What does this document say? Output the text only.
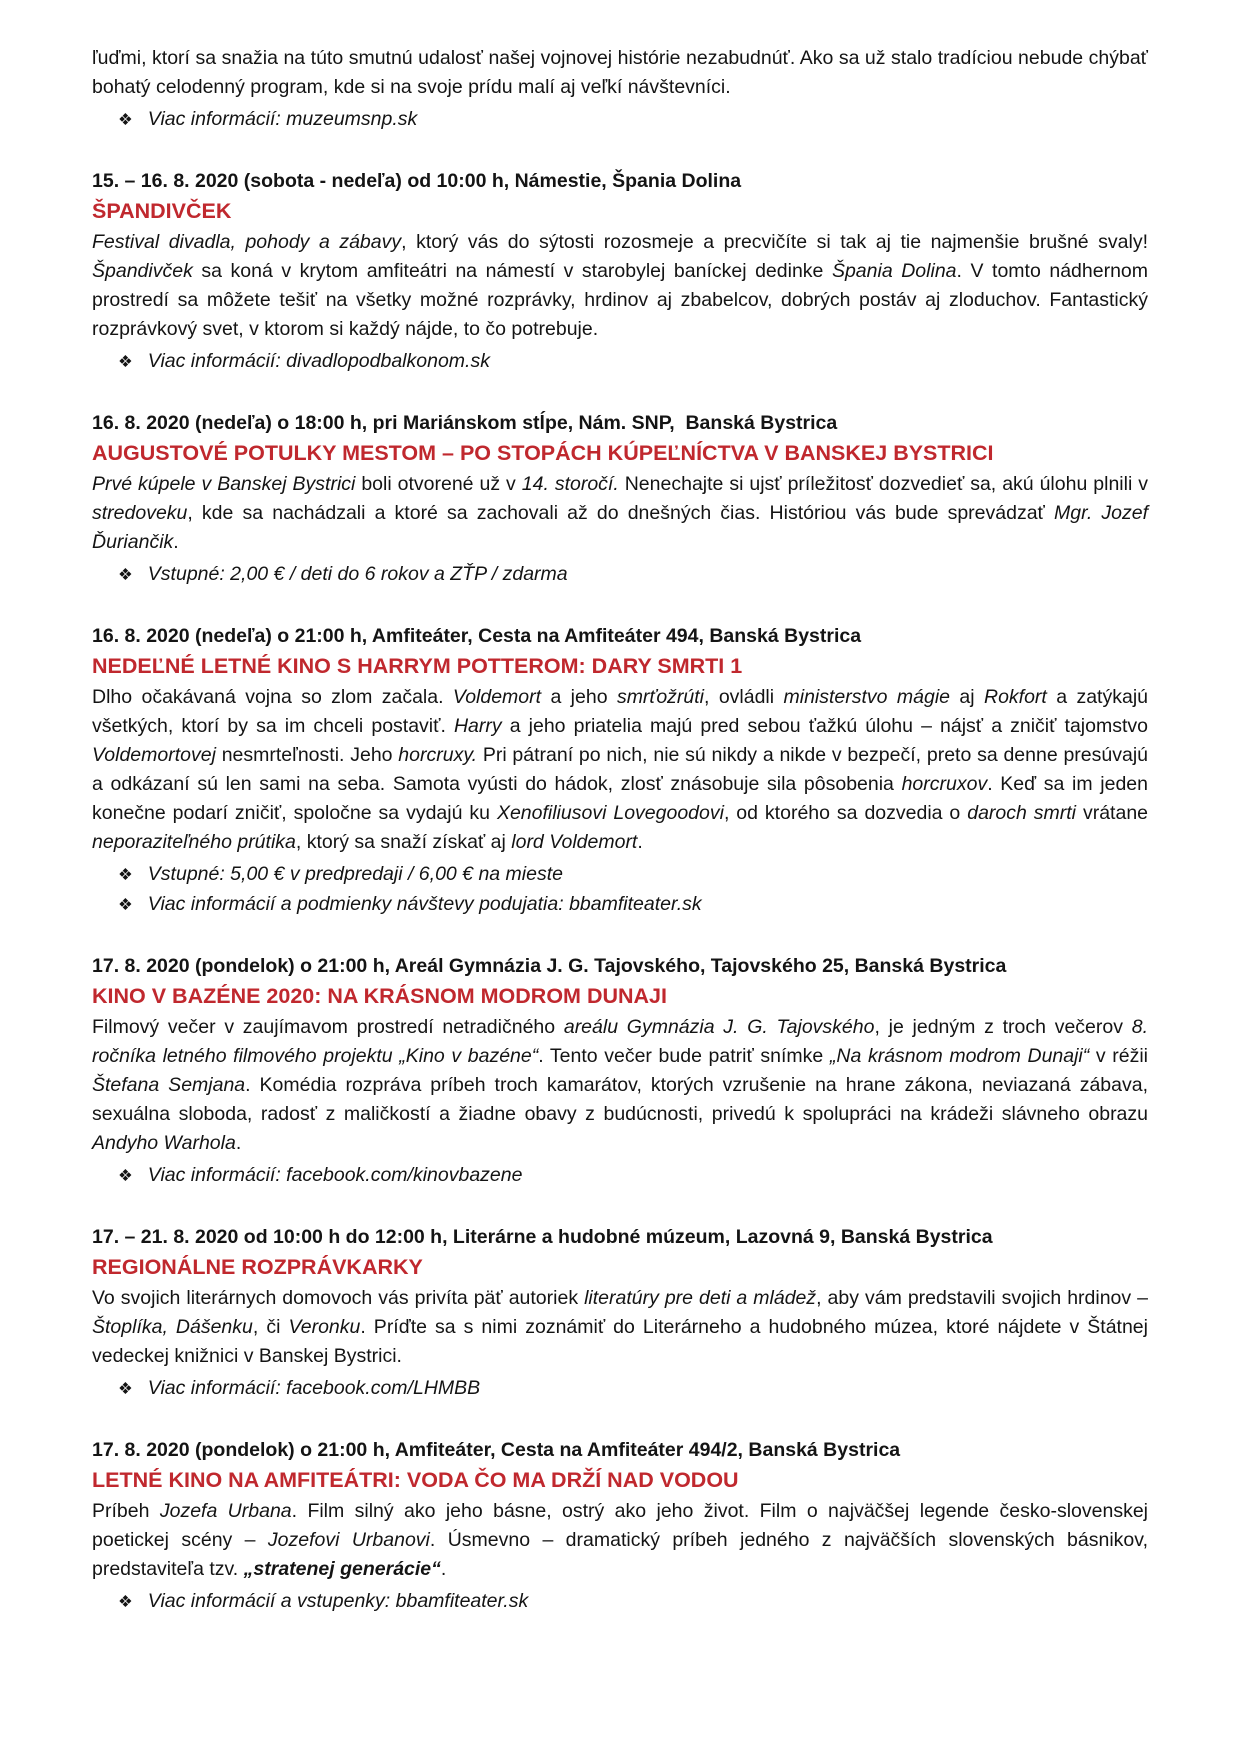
ľuďmi, ktorí sa snažia na túto smutnú udalosť našej vojnovej histórie nezabudnúť. Ako sa už stalo tradíciou nebude chýbať bohatý celodenný program, kde si na svoje prídu malí aj veľkí návštevníci.

❖ Viac informácií: muzeumsnp.sk
15. – 16. 8. 2020 (sobota - nedeľa) od 10:00 h, Námestie, Špania Dolina
ŠPANDIVČEK

Festival divadla, pohody a zábavy, ktorý vás do sýtosti rozosmeje a precvičíte si tak aj tie najmenšie brušné svaly! Špandivček sa koná v krytom amfiteátri na námestí v starobylej baníckej dedinke Špania Dolina. V tomto nádhernom prostredí sa môžete tešiť na všetky možné rozprávky, hrdinov aj zbabelcov, dobrých postáv aj zloduchov. Fantastický rozprávkový svet, v ktorom si každý nájde, to čo potrebuje.

❖ Viac informácií: divadlopodbalkonom.sk
16. 8. 2020 (nedeľa) o 18:00 h, pri Mariánskom stĺpe, Nám. SNP,  Banská Bystrica
AUGUSTOVÉ POTULKY MESTOM – PO STOPÁCH KÚPEĽNÍCTVA V BANSKEJ BYSTRICI

Prvé kúpele v Banskej Bystrici boli otvorené už v 14. storočí. Nenechajte si ujsť príležitosť dozvedieť sa, akú úlohu plnili v stredoveku, kde sa nachádzali a ktoré sa zachovali až do dnešných čias. Históriou vás bude sprevádzať Mgr. Jozef Ďuriančik.

❖ Vstupné: 2,00 € / deti do 6 rokov a ZŤP / zdarma
16. 8. 2020 (nedeľa) o 21:00 h, Amfiteáter, Cesta na Amfiteáter 494, Banská Bystrica
NEDEĽNÉ LETNÉ KINO S HARRYM POTTEROM: DARY SMRTI 1

Dlho očakávaná vojna so zlom začala. Voldemort a jeho smrťožrúti, ovládli ministerstvo mágie aj Rokfort a zatýkajú všetkých, ktorí by sa im chceli postaviť. Harry a jeho priatelia majú pred sebou ťažkú úlohu – nájsť a zničiť tajomstvo Voldemortovej nesmrteľnosti. Jeho horcruxy. Pri pátraní po nich, nie sú nikdy a nikde v bezpečí, preto sa denne presúvajú a odkázaní sú len sami na seba. Samota vyústi do hádok, zlosť znásobuje sila pôsobenia horcruxov. Keď sa im jeden konečne podarí zničiť, spoločne sa vydajú ku Xenofiliusovi Lovegoodovi, od ktorého sa dozvedia o daroch smrti vrátane neporaziteľného prútika, ktorý sa snaží získať aj lord Voldemort.

❖ Vstupné: 5,00 € v predpredaji / 6,00 € na mieste
❖ Viac informácií a podmienky návštevy podujatia: bbamfiteater.sk
17. 8. 2020 (pondelok) o 21:00 h, Areál Gymnázia J. G. Tajovského, Tajovského 25, Banská Bystrica
KINO V BAZÉNE 2020: NA KRÁSNOM MODROM DUNAJI

Filmový večer v zaujímavom prostredí netradičného areálu Gymnázia J. G. Tajovského, je jedným z troch večerov 8. ročníka letného filmového projektu „Kino v bazéne“. Tento večer bude patriť snímke „Na krásnom modrom Dunaji“ v réžii Štefana Semjana. Komédia rozpráva príbeh troch kamarátov, ktorých vzrušenie na hrane zákona, neviazaná zábava, sexuálna sloboda, radosť z maličkostí a žiadne obavy z budúcnosti, privedú k spolupráci na krádeži slávneho obrazu Andyho Warhola.

❖ Viac informácií: facebook.com/kinovbazene
17. – 21. 8. 2020 od 10:00 h do 12:00 h, Literárne a hudobné múzeum, Lazovná 9, Banská Bystrica
REGIONÁLNE ROZPRÁVKARKY

Vo svojich literárnych domovoch vás privíta päť autoriek literatúry pre deti a mládež, aby vám predstavili svojich hrdinov – Štoplíka, Dášenku, či Veronku. Príďte sa s nimi zoznámiť do Literárneho a hudobného múzea, ktoré nájdete v Štátnej vedeckej knižnici v Banskej Bystrici.

❖ Viac informácií: facebook.com/LHMBB
17. 8. 2020 (pondelok) o 21:00 h, Amfiteáter, Cesta na Amfiteáter 494/2, Banská Bystrica
LETNÉ KINO NA AMFITEÁTRI: VODA ČO MA DRŽÍ NAD VODOU

Príbeh Jozefa Urbana. Film silný ako jeho básne, ostrý ako jeho život. Film o najväčšej legende česko-slovenskej poetickej scény – Jozefovi Urbanovi. Úsmevno – dramatický príbeh jedného z najväčších slovenských básnikov, predstaviteľa tzv. „stratenej generácie“.

❖ Viac informácií a vstupenky: bbamfiteater.sk
